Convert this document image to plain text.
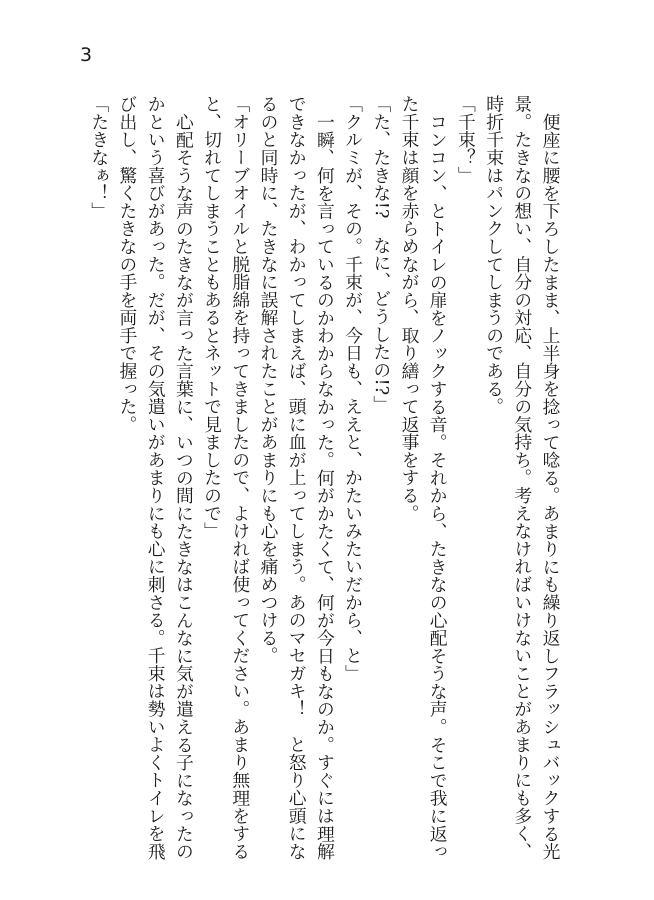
3

便座に腰を下ろしたまま、上半身を捻って唸る。あまりにも繰り返しフラッシュバックする光景。たきなの想い、自分の対応、自分の気持ち。考えなければいけないことがあまりにも多く、時折千束はパンクしてしまうのである。

「千束？」

コンコン、とトイレの扉をノックする音。それから、たきなの心配そうな声。そこで我に返った千束は顔を赤らめながら、取り繕って返事をする。

「た、たきな!?　なに、どうしたの!?」

「クルミが、その。千束が、今日も、ええと、かたいみたいだから、と」

一瞬、何を言っているのかわからなかった。何がかたくて、何が今日もなのか。すぐには理解できなかったが、わかってしまえば、頭に血が上ってしまう。あのマセガキ！　と怒り心頭になるのと同時に、たきなに誤解されたことがあまりにも心を痛めつける。

「オリーブオイルと脱脂綿を持ってきましたので、よければ使ってください。あまり無理をすると、切れてしまうこともあるとネットで見ましたので」

心配そうな声のたきなが言った言葉に、いつの間にたきなはこんなに気が遣える子になったのかという喜びがあった。だが、その気遣いがあまりにも心に刺さる。千束は勢いよくトイレを飛び出し、驚くたきなの手を両手で握った。

「たきなぁ！」
